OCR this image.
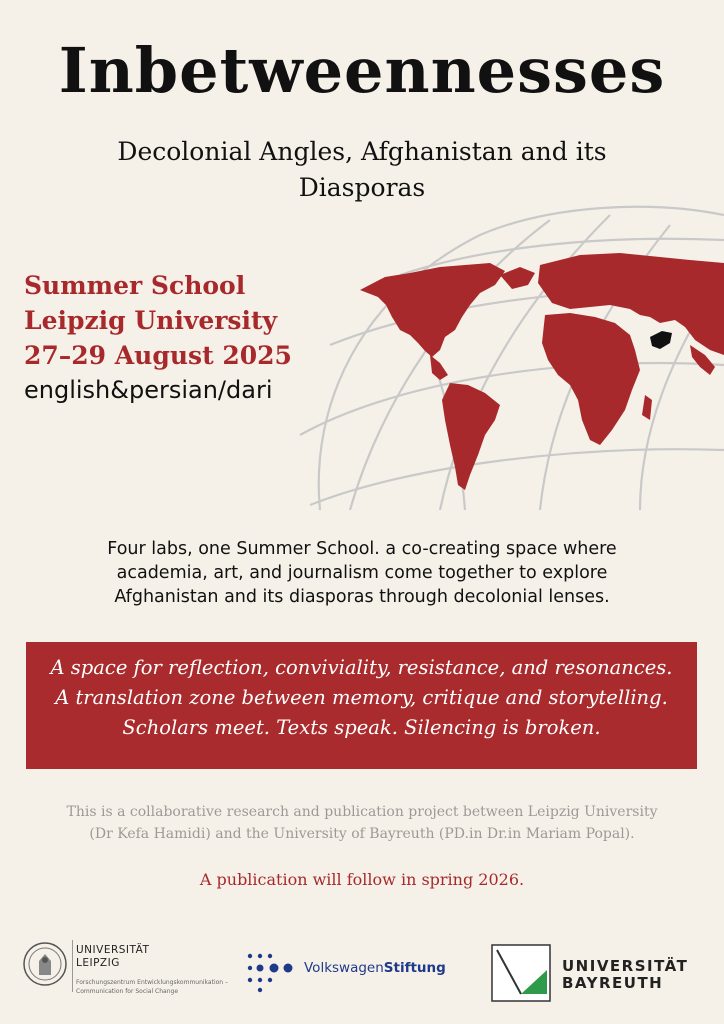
Inbetweennesses
Decolonial Angles, Afghanistan and its
Diasporas
Summer School
Leipzig University
27–29 August 2025
english&persian/dari
Four labs, one Summer School. a co-creating space where
academia, art, and journalism come together to explore
Afghanistan and its diasporas through decolonial lenses.
A space for reflection, conviviality, resistance, and resonances.
A translation zone between memory, critique and storytelling.
Scholars meet. Texts speak. Silencing is broken.
This is a collaborative research and publication project between Leipzig University
(Dr Kefa Hamidi) and the University of Bayreuth (PD.in Dr.in Mariam Popal).
A publication will follow in spring 2026.
UNIVERSITÄT
LEIPZIG
Forschungszentrum Entwicklungskommunikation –
Communication for Social Change
VolkswagenStiftung	UNIVERSITÄT
BAYREUTH
